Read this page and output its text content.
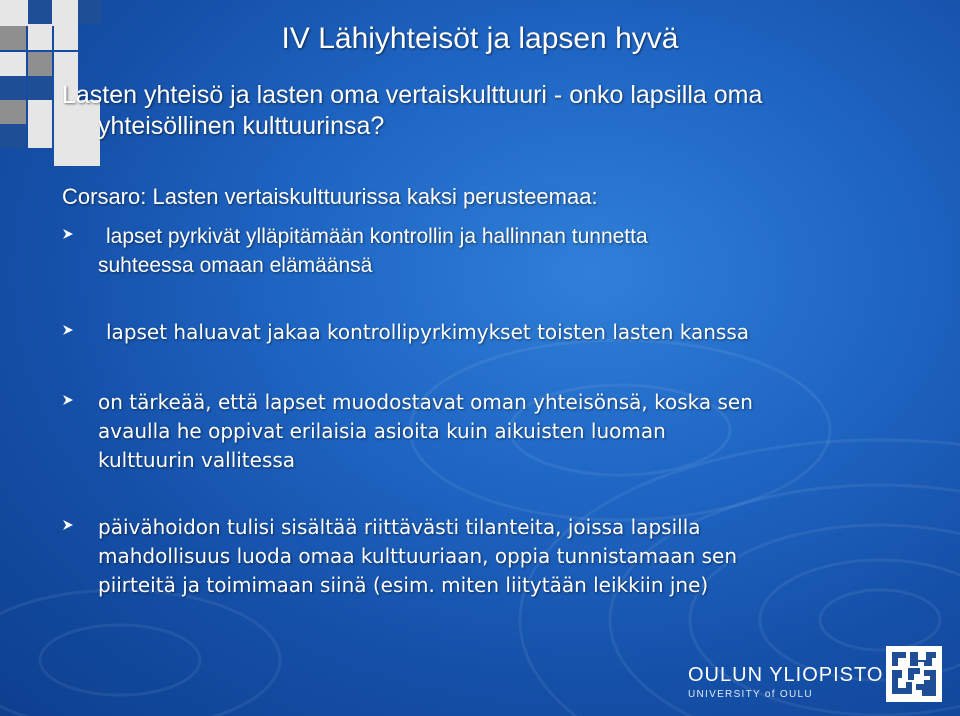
IV Lähiyhteisöt ja lapsen hyvä
Lasten yhteisö ja lasten oma vertaiskulttuuri - onko lapsilla oma
yhteisöllinen kulttuurinsa?
Corsaro: Lasten vertaiskulttuurissa kaksi perusteemaa:
lapset pyrkivät ylläpitämään kontrollin ja hallinnan tunnetta
suhteessa omaan elämäänsä
lapset haluavat jakaa kontrollipyrkimykset toisten lasten kanssa
on tärkeää, että lapset muodostavat oman yhteisönsä, koska sen
avaulla he oppivat erilaisia asioita kuin aikuisten luoman
kulttuurin vallitessa
päivähoidon tulisi sisältää riittävästi tilanteita, joissa lapsilla
mahdollisuus luoda omaa kulttuuriaan, oppia tunnistamaan sen
piirteitä ja toimimaan siinä (esim. miten liitytään leikkiin jne)
OULUN YLIOPISTO
UNIVERSITY of OULU
